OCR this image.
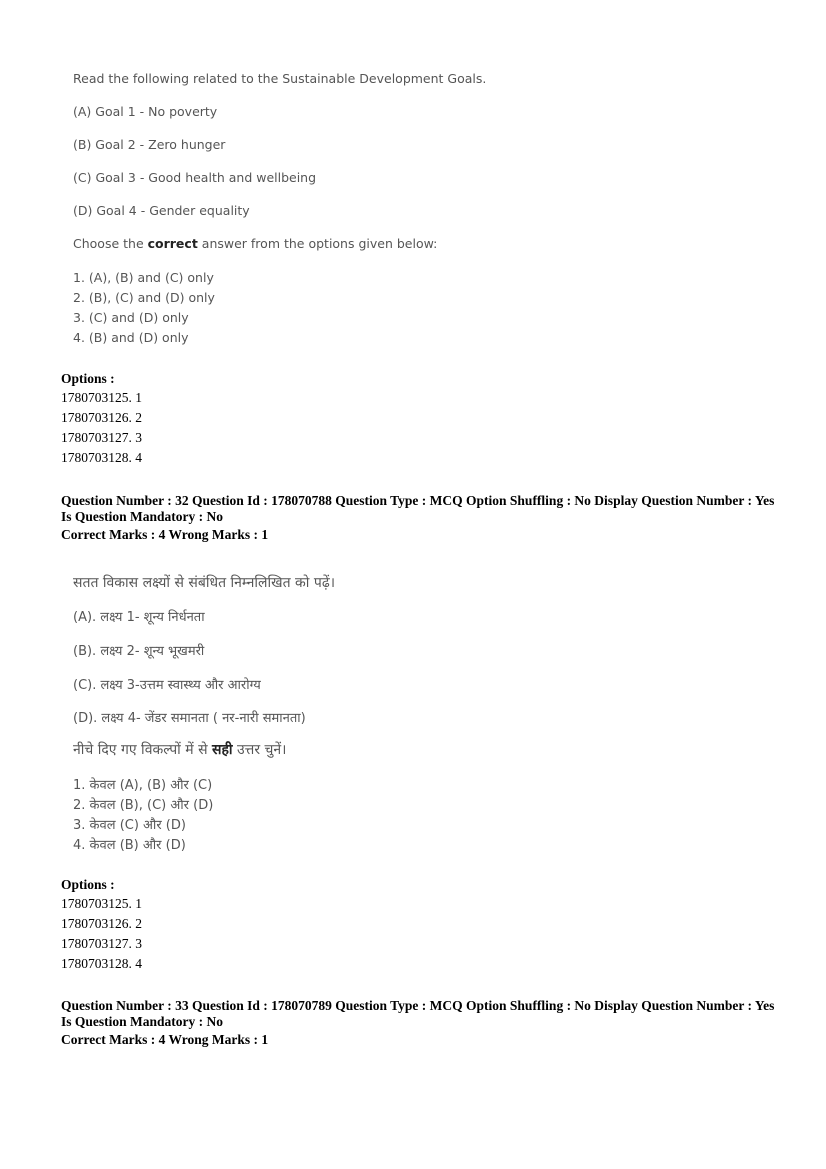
Read the following related to the Sustainable Development Goals.
(A) Goal 1 - No poverty
(B) Goal 2 - Zero hunger
(C) Goal 3 - Good health and wellbeing
(D) Goal 4 - Gender equality
Choose the correct answer from the options given below:
1. (A), (B) and (C) only
2. (B), (C) and (D) only
3. (C) and (D) only
4. (B) and (D) only
Options :
1780703125. 1
1780703126. 2
1780703127. 3
1780703128. 4
Question Number : 32 Question Id : 178070788 Question Type : MCQ Option Shuffling : No Display Question Number : Yes
Is Question Mandatory : No
Correct Marks : 4 Wrong Marks : 1
सतत विकास लक्ष्यों से संबंधित निम्नलिखित को पढ़ें।
(A). लक्ष्य 1- शून्य निर्धनता
(B). लक्ष्य 2- शून्य भूखमरी
(C). लक्ष्य 3-उत्तम स्वास्थ्य और आरोग्य
(D). लक्ष्य 4- जेंडर समानता ( नर-नारी समानता)
नीचे दिए गए विकल्पों में से सही उत्तर चुनें।
1. केवल (A), (B) और (C)
2. केवल (B), (C) और (D)
3. केवल (C) और (D)
4. केवल (B) और (D)
Options :
1780703125. 1
1780703126. 2
1780703127. 3
1780703128. 4
Question Number : 33 Question Id : 178070789 Question Type : MCQ Option Shuffling : No Display Question Number : Yes
Is Question Mandatory : No
Correct Marks : 4 Wrong Marks : 1
